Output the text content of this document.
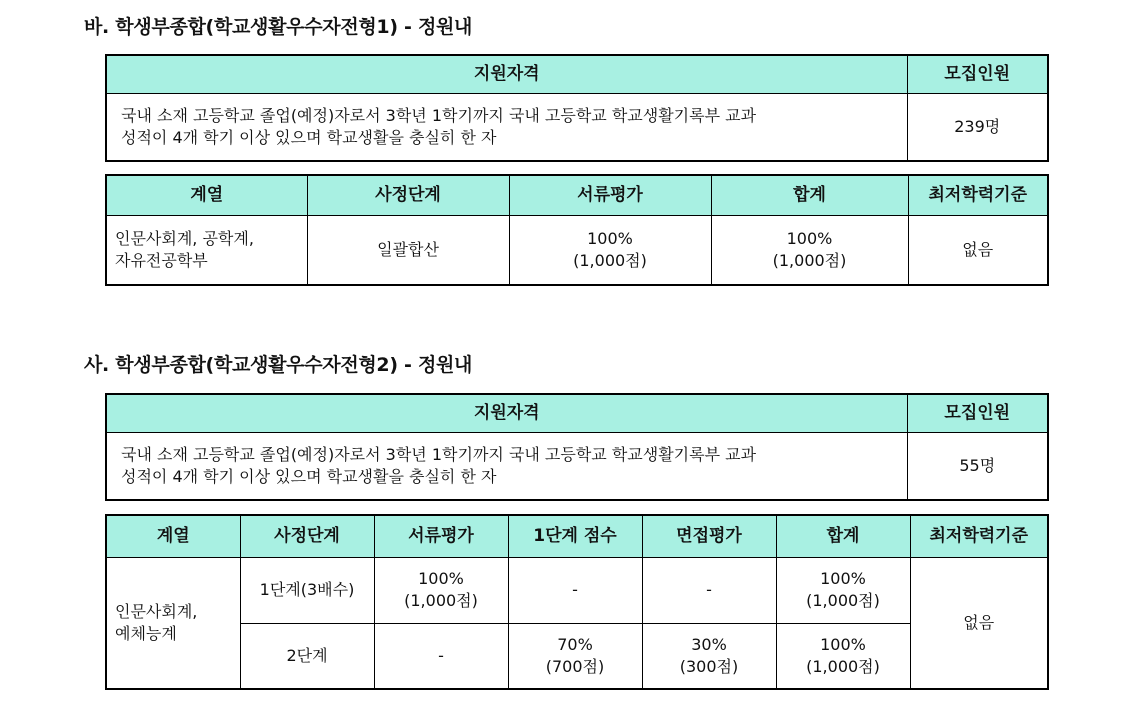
바. 학생부종합(학교생활우수자전형1) - 정원내
지원자격	모집인원
국내 소재 고등학교 졸업(예정)자로서 3학년 1학기까지 국내 고등학교 학교생활기록부 교과
성적이 4개 학기 이상 있으며 학교생활을 충실히 한 자	239명
계열	사정단계	서류평가	합계	최저학력기준
인문사회계, 공학계,
자유전공학부	일괄합산	100%
(1,000점)	100%
(1,000점)	없음
사. 학생부종합(학교생활우수자전형2) - 정원내
지원자격	모집인원
국내 소재 고등학교 졸업(예정)자로서 3학년 1학기까지 국내 고등학교 학교생활기록부 교과
성적이 4개 학기 이상 있으며 학교생활을 충실히 한 자	55명
계열	사정단계	서류평가	1단계 점수	면접평가	합계	최저학력기준
인문사회계,
예체능계	1단계(3배수)	100%
(1,000점)	-	-	100%
(1,000점)	없음
	2단계	-	70%
(700점)	30%
(300점)	100%
(1,000점)	
